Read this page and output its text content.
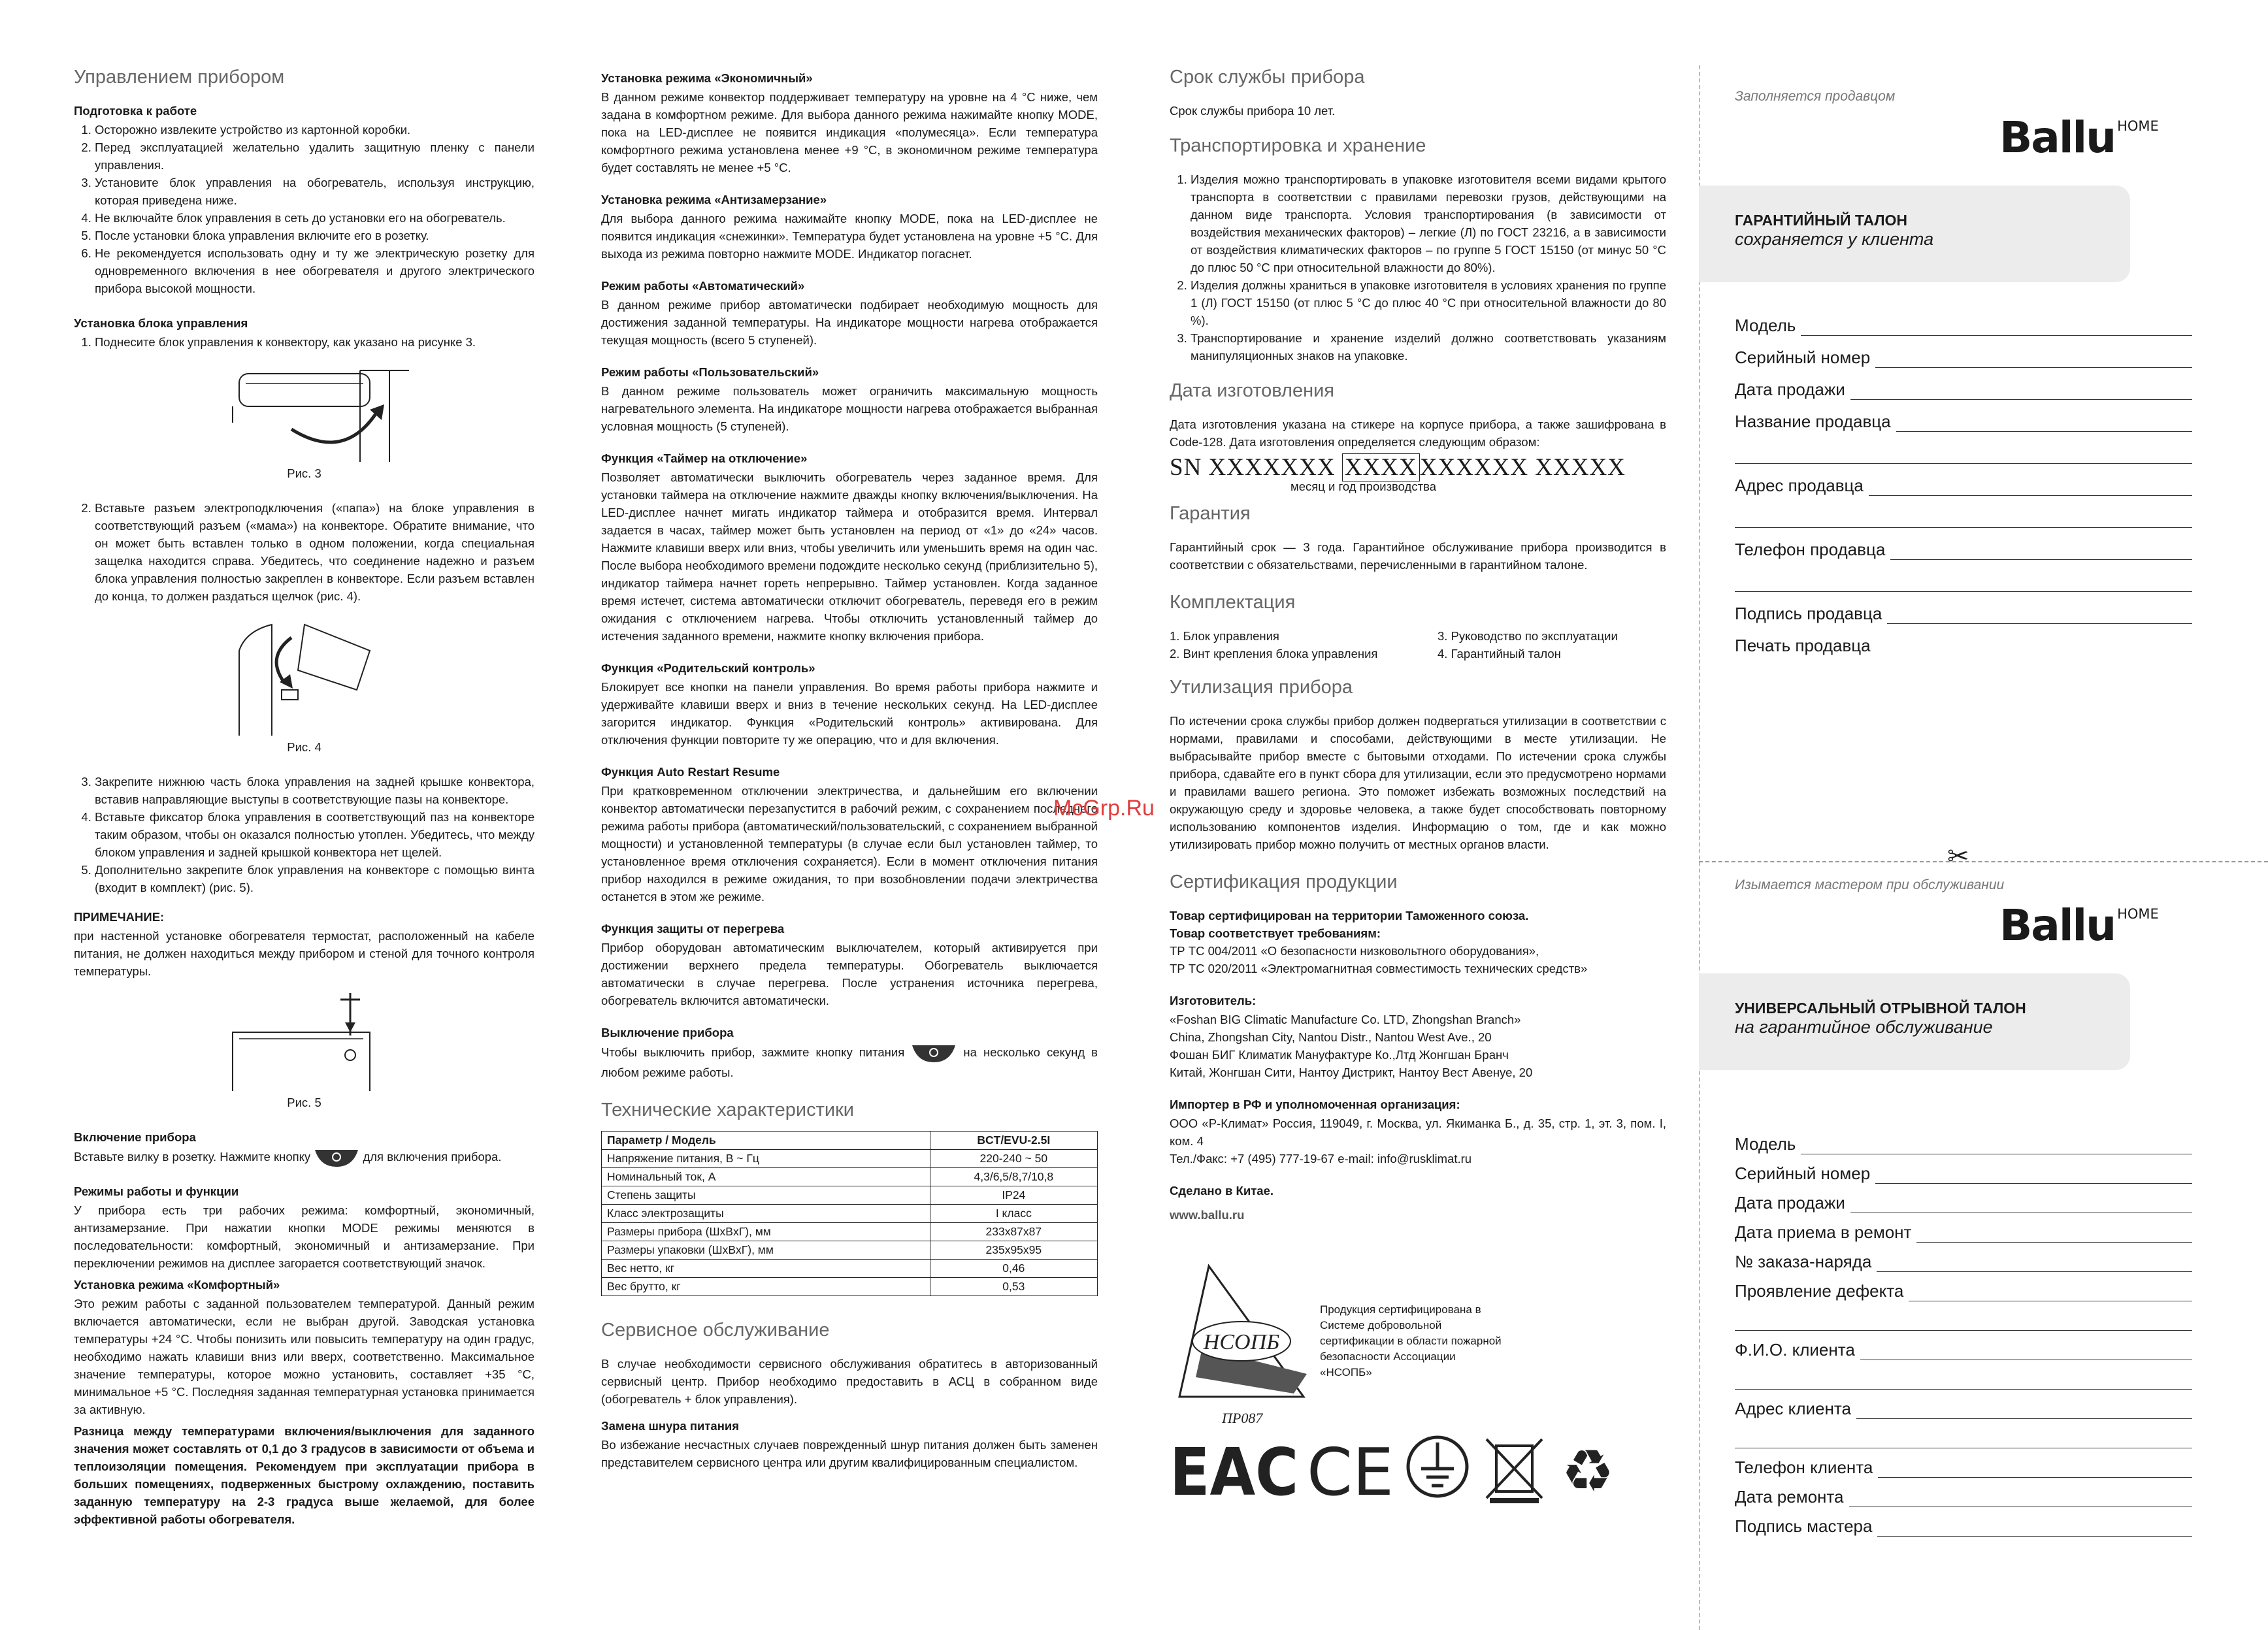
Управлением прибором
Подготовка к работе
1. Осторожно извлеките устройство из картонной коробки.
2. Перед эксплуатацией желательно удалить защитную пленку с панели управления.
3. Установите блок управления на обогреватель, используя инструкцию, которая приведена ниже.
4. Не включайте блок управления в сеть до установки его на обогреватель.
5. После установки блока управления включите его в розетку.
6. Не рекомендуется использовать одну и ту же электрическую розетку для одновременного включения в нее обогревателя и другого электрического прибора высокой мощности.
Установка блока управления
1. Поднесите блок управления к конвектору, как указано на рисунке 3.
Рис. 3
2. Вставьте разъем электроподключения («папа») на блоке управления в соответствующий разъем («мама») на конвекторе. Обратите внимание, что он может быть вставлен только в одном положении, когда специальная защелка находится справа. Убедитесь, что соединение надежно и разъем блока управления полностью закреплен в конвекторе. Если разъем вставлен до конца, то должен раздаться щелчок (рис. 4).
Рис. 4
3. Закрепите нижнюю часть блока управления на задней крышке конвектора, вставив направляющие выступы в соответствующие пазы на конвекторе.
4. Вставьте фиксатор блока управления в соответствующий паз на конвекторе таким образом, чтобы он оказался полностью утоплен. Убедитесь, что между блоком управления и задней крышкой конвектора нет щелей.
5. Дополнительно закрепите блок управления на конвекторе с помощью винта (входит в комплект) (рис. 5).
ПРИМЕЧАНИЕ:

при настенной установке обогревателя термостат, расположенный на кабеле питания, не должен находиться между прибором и стеной для точного контроля температуры.

Рис. 5
Включение прибора

Вставьте вилку в розетку. Нажмите кнопку	для включения прибора.

Режимы работы и функции

У прибора есть три рабочих режима: комфортный, экономичный, антизамерзание. При нажатии кнопки MODE режимы меняются в последовательности: комфортный, экономичный и антизамерзание. При переключении режимов на дисплее загорается соответствующий значок.

Установка режима «Комфортный»

Это режим работы с заданной пользователем температурой. Данный режим включается автоматически, если не выбран другой. Заводская установка температуры +24 °С. Чтобы понизить или повысить температуру на один градус, необходимо нажать клавиши вниз или вверх, соответственно. Максимальное значение температуры, которое можно установить, составляет +35 °С, минимальное +5 °С. Последняя заданная температурная установка принимается за активную.

Разница между температурами включения/выключения для заданного значения может составлять от 0,1 до 3 градусов в зависимости от объема и теплоизоляции помещения. Рекомендуем при эксплуатации прибора в больших помещениях, подверженных быстрому охлаждению, поставить заданную температуру на 2-3 градуса выше желаемой, для более эффективной работы обогревателя.

Установка режима «Экономичный»

В данном режиме конвектор поддерживает температуру на уровне на 4 °С ниже, чем задана в комфортном режиме. Для выбора данного режима нажимайте кнопку MODE, пока на LED-дисплее не появится индикация «полумесяца». Если температура комфортного режима установлена менее +9 °С, в экономичном режиме температура будет составлять не менее +5 °С.

Установка режима «Антизамерзание»

Для выбора данного режима нажимайте кнопку MODE, пока на LED-дисплее не появится индикация «снежинки». Температура будет установлена на уровне +5 °С. Для выхода из режима повторно нажмите MODE. Индикатор погаснет.

Режим работы «Автоматический»

В данном режиме прибор автоматически подбирает необходимую мощность для достижения заданной температуры. На индикаторе мощности нагрева отображается текущая мощность (всего 5 ступеней).

Режим работы «Пользовательский»

В данном режиме пользователь может ограничить максимальную мощность нагревательного элемента. На индикаторе мощности нагрева отображается выбранная условная мощность (5 ступеней).

Функция «Таймер на отключение»

Позволяет автоматически выключить обогреватель через заданное время. Для установки таймера на отключение нажмите дважды кнопку включения/выключения. На LED-дисплее начнет мигать индикатор таймера и отобразится время. Интервал задается в часах, таймер может быть установлен на период от «1» до «24» часов. Нажмите клавиши вверх или вниз, чтобы увеличить или уменьшить время на один час. После выбора необходимого времени подождите несколько секунд (приблизительно 5), индикатор таймера начнет гореть непрерывно. Таймер установлен. Когда заданное время истечет, система автоматически отключит обогреватель, переведя его в режим ожидания с отключением нагрева. Чтобы отключить установленный таймер до истечения заданного времени, нажмите кнопку включения прибора.

Функция «Родительский контроль»

Блокирует все кнопки на панели управления. Во время работы прибора нажмите и удерживайте клавиши вверх и вниз в течение нескольких секунд. На LED-дисплее загорится индикатор. Функция «Родительский контроль» активирована. Для отключения функции повторите ту же операцию, что и для включения.

Функция Auto Restart Resume

При кратковременном отключении электричества, и дальнейшим его включении конвектор автоматически перезапустится в рабочий режим, с сохранением последнего режима работы прибора (автоматический/пользовательский, с сохранением выбранной мощности) и установленной температуры (в случае если был установлен таймер, то установленное время отключения сохраняется). Если в момент отключения питания прибор находился в режиме ожидания, то при возобновлении подачи электричества останется в этом же режиме.

Функция защиты от перегрева

Прибор оборудован автоматическим выключателем, который активируется при достижении верхнего предела температуры. Обогреватель выключается автоматически в случае перегрева. После устранения источника перегрева, обогреватель включится автоматически.

Выключение прибора

Чтобы выключить прибор, зажмите кнопку питания	на несколько секунд в любом режиме работы.

Технические характеристики
Параметр / Модель	BCT/EVU-2.5I
Напряжение питания, В ~ Гц	220-240 ~ 50
Номинальный ток, А	4,3/6,5/8,7/10,8
Степень защиты	IP24
Класс электрозащиты	I класс
Размеры прибора (ШxВxГ), мм	233x87x87
Размеры упаковки (ШxВxГ), мм	235x95x95
Вес нетто, кг	0,46
Вес брутто, кг	0,53
Сервисное обслуживание

В случае необходимости сервисного обслуживания обратитесь в авторизованный сервисный центр. Прибор необходимо предоставить в АСЦ в собранном виде (обогреватель + блок управления).

Замена шнура питания

Во избежание несчастных случаев поврежденный шнур питания должен быть заменен представителем сервисного центра или другим квалифицированным специалистом.

Срок службы прибора

Срок службы прибора 10 лет.

Транспортировка и хранение
1. Изделия можно транспортировать в упаковке изготовителя всеми видами крытого транспорта в соответствии с правилами перевозки грузов, действующими на данном виде транспорта. Условия транспортирования (в зависимости от воздействия механических факторов) – легкие (Л) по ГОСТ 23216, а в зависимости от воздействия климатических факторов – по группе 5 ГОСТ 15150 (от минус 50 °С до плюс 50 °С при относительной влажности до 80%).
2. Изделия должны храниться в упаковке изготовителя в условиях хранения по группе 1 (Л) ГОСТ 15150 (от плюс 5 °С до плюс 40 °С при относительной влажности до 80 %).
3. Транспортирование и хранение изделий должно соответствовать указаниям манипуляционных знаков на упаковке.
Дата изготовления

Дата изготовления указана на стикере на корпусе прибора, а также зашифрована в Code-128. Дата изготовления определяется следующим образом:

SN XXXXXXX XXXX XXXXXX XXXXX
месяц и год производства
Гарантия

Гарантийный срок — 3 года. Гарантийное обслуживание прибора производится в соответствии с обязательствами, перечисленными в гарантийном талоне.

Комплектация
1. Блок управления	3. Руководство по эксплуатации
2. Винт крепления блока управления	4. Гарантийный талон
Утилизация прибора

По истечении срока службы прибор должен подвергаться утилизации в соответствии с нормами, правилами и способами, действующими в месте утилизации. Не выбрасывайте прибор вместе с бытовыми отходами. По истечении срока службы прибора, сдавайте его в пункт сбора для утилизации, если это предусмотрено нормами и правилами вашего региона. Это поможет избежать возможных последствий на окружающую среду и здоровье человека, а также будет способствовать повторному использованию компонентов изделия. Информацию о том, где и как можно утилизировать прибор можно получить от местных органов власти.

Сертификация продукции
Товар сертифицирован на территории Таможенного союза.
Товар соответствует требованиям:
ТР ТС 004/2011 «О безопасности низковольтного оборудования»,
ТР ТС 020/2011 «Электромагнитная совместимость технических средств»
Изготовитель:
«Foshan BIG Climatic Manufacture Co. LTD, Zhongshan Branch»
China, Zhongshan City, Nantou Distr., Nantou West Ave., 20
Фошан БИГ Климатик Мануфактуре Ко.,Лтд Жонгшан Бранч
Китай, Жонгшан Сити, Нантоу Дистрикт, Нантоу Вест Авенуе, 20
Импортер в РФ и уполномоченная организация:

ООО «Р-Климат» Россия, 119049, г. Москва, ул. Якиманка Б., д. 35, стр. 1, эт. 3, пом. I, ком. 4

Тел./Факс: +7 (495) 777-19-67 e-mail: info@rusklimat.ru
Сделано в Китае.
www.ballu.ru
НСОПБ
ПР087
Продукция сертифицирована в Системе добровольной сертификации в области пожарной безопасности Ассоциации «НСОПБ»
EAC CE	♻
✂
Заполняется продавцом
Ballu $^{HOME}$
ГАРАНТИЙНЫЙ ТАЛОН
сохраняется у клиента
Модель
Серийный номер
Дата продажи
Название продавца
Адрес продавца
Телефон продавца
Подпись продавца
Печать продавца
Изымается мастером при обслуживании
Ballu $^{HOME}$
УНИВЕРСАЛЬНЫЙ ОТРЫВНОЙ ТАЛОН
на гарантийное обслуживание
Модель
Серийный номер
Дата продажи
Дата приема в ремонт
№ заказа-наряда
Проявление дефекта
Ф.И.О. клиента
Адрес клиента
Телефон клиента
Дата ремонта
Подпись мастера
McGrp.Ru
